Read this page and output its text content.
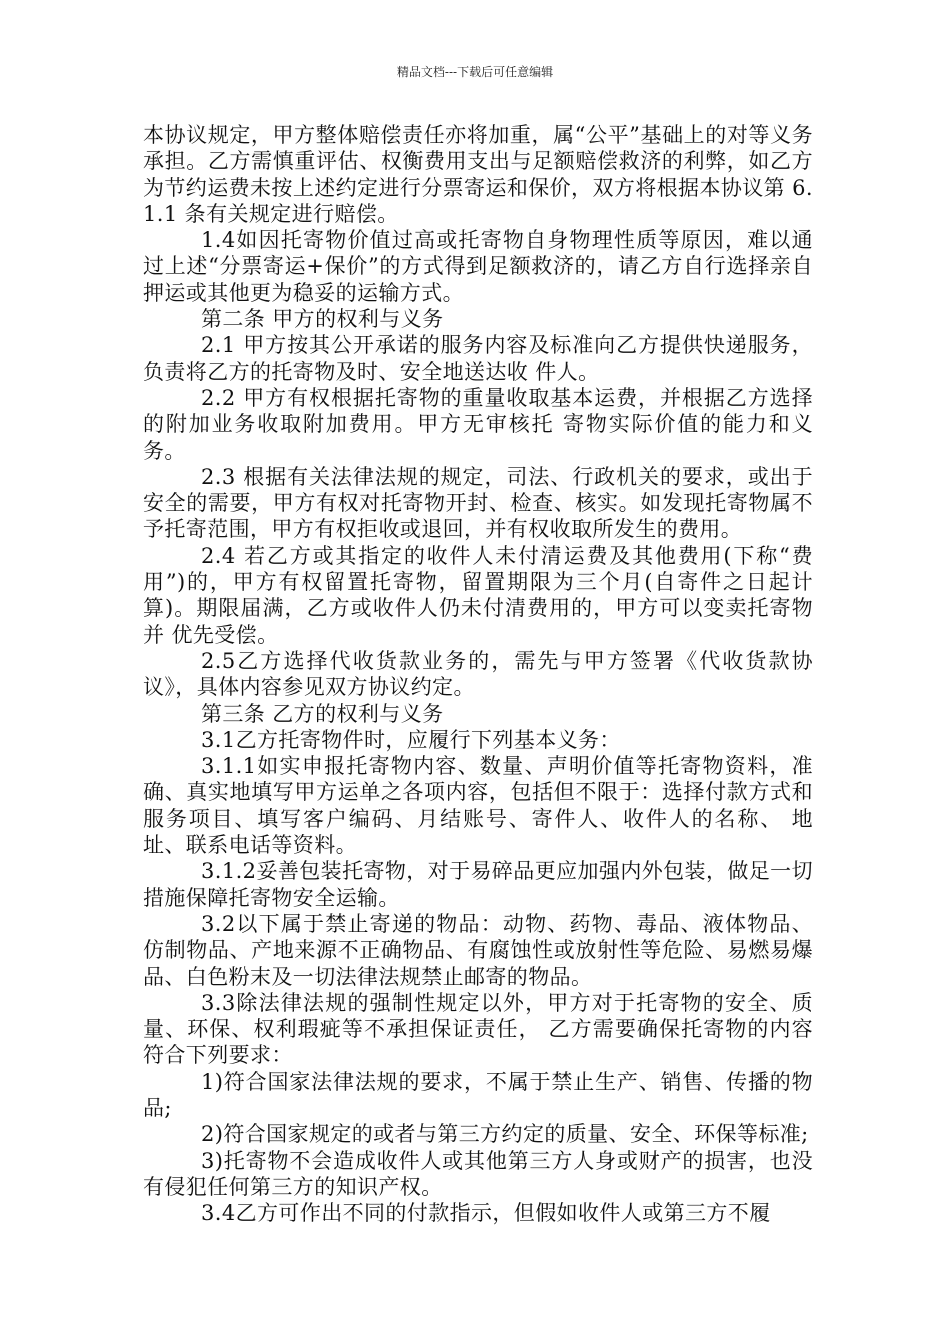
精品文档---下载后可任意编辑

本协议规定，甲方整体赔偿责任亦将加重，属“公平”基础上的对等义务承担。乙方需慎重评估、权衡费用支出与足额赔偿救济的利弊，如乙方为节约运费未按上述约定进行分票寄运和保价，双方将根据本协议第 6.1.1 条有关规定进行赔偿。

1.4如因托寄物价值过高或托寄物自身物理性质等原因，难以通过上述“分票寄运+保价”的方式得到足额救济的，请乙方自行选择亲自押运或其他更为稳妥的运输方式。

第二条 甲方的权利与义务

2.1 甲方按其公开承诺的服务内容及标准向乙方提供快递服务，负责将乙方的托寄物及时、安全地送达收 件人。

2.2 甲方有权根据托寄物的重量收取基本运费，并根据乙方选择的附加业务收取附加费用。甲方无审核托 寄物实际价值的能力和义务。

2.3 根据有关法律法规的规定，司法、行政机关的要求，或出于安全的需要，甲方有权对托寄物开封、检查、核实。如发现托寄物属不予托寄范围，甲方有权拒收或退回，并有权收取所发生的费用。

2.4 若乙方或其指定的收件人未付清运费及其他费用(下称“费用”)的，甲方有权留置托寄物，留置期限为三个月(自寄件之日起计算)。期限届满，乙方或收件人仍未付清费用的，甲方可以变卖托寄物并 优先受偿。

2.5乙方选择代收货款业务的，需先与甲方签署《代收货款协议》，具体内容参见双方协议约定。

第三条 乙方的权利与义务

3.1乙方托寄物件时，应履行下列基本义务：

3.1.1如实申报托寄物内容、数量、声明价值等托寄物资料，准确、真实地填写甲方运单之各项内容，包括但不限于：选择付款方式和服务项目、填写客户编码、月结账号、寄件人、收件人的名称、 地址、联系电话等资料。

3.1.2妥善包装托寄物，对于易碎品更应加强内外包装，做足一切措施保障托寄物安全运输。

3.2以下属于禁止寄递的物品：动物、药物、毒品、液体物品、仿制物品、产地来源不正确物品、有腐蚀性或放射性等危险、易燃易爆品、白色粉末及一切法律法规禁止邮寄的物品。

3.3除法律法规的强制性规定以外，甲方对于托寄物的安全、质量、环保、权利瑕疵等不承担保证责任， 乙方需要确保托寄物的内容符合下列要求：

1)符合国家法律法规的要求，不属于禁止生产、销售、传播的物品;

2)符合国家规定的或者与第三方约定的质量、安全、环保等标准;

3)托寄物不会造成收件人或其他第三方人身或财产的损害，也没有侵犯任何第三方的知识产权。

3.4乙方可作出不同的付款指示，但假如收件人或第三方不履
